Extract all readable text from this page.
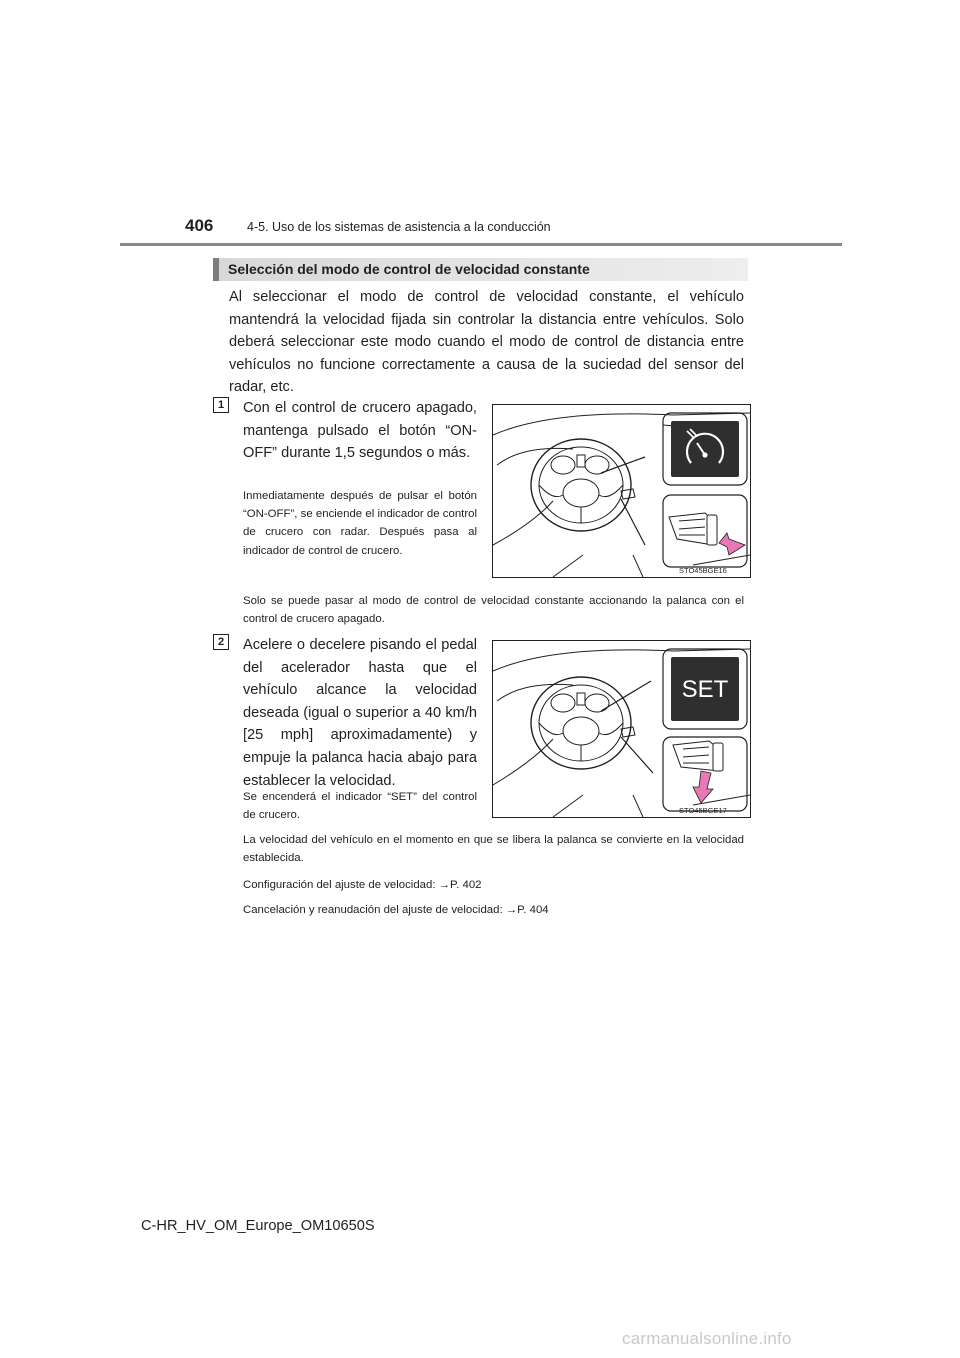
406	4-5. Uso de los sistemas de asistencia a la conducción
Selección del modo de control de velocidad constante
Al seleccionar el modo de control de velocidad constante, el vehículo mantendrá la velocidad fijada sin controlar la distancia entre vehículos. Solo deberá seleccionar este modo cuando el modo de control de distancia entre vehículos no funcione correctamente a causa de la suciedad del sensor del radar, etc.
1	Con el control de crucero apagado, mantenga pulsado el botón “ON-OFF” durante 1,5 segundos o más.
Inmediatamente después de pulsar el botón “ON-OFF”, se enciende el indicador de control de crucero con radar. Después pasa al indicador de control de crucero.
STO45BGE16
Solo se puede pasar al modo de control de velocidad constante accionando la palanca con el control de crucero apagado.
2	Acelere o decelere pisando el pedal del acelerador hasta que el vehículo alcance la velocidad deseada (igual o superior a 40 km/h [25 mph] aproximadamente) y empuje la palanca hacia abajo para establecer la velocidad.
Se encenderá el indicador “SET” del control de crucero.
SET
STO45BGE17
La velocidad del vehículo en el momento en que se libera la palanca se convierte en la velocidad establecida.
Configuración del ajuste de velocidad: →P. 402
Cancelación y reanudación del ajuste de velocidad: →P. 404
C-HR_HV_OM_Europe_OM10650S
carmanualsonline.info
